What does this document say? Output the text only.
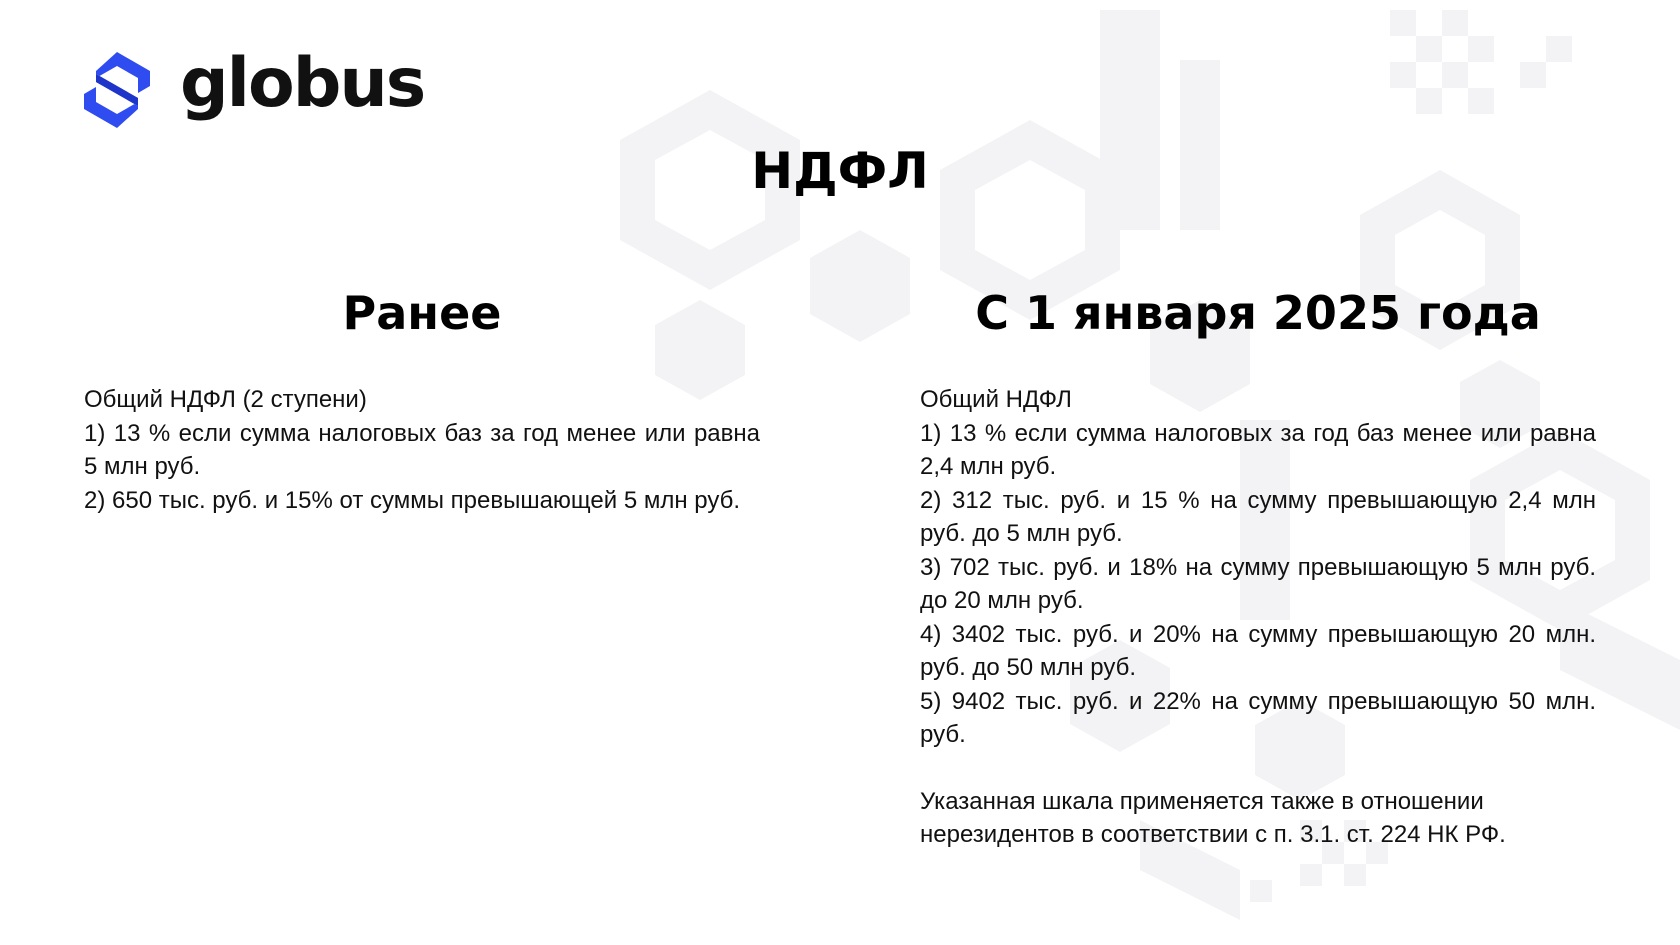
globus
НДФЛ
Ранее	С 1 января 2025 года

Общий НДФЛ (2 ступени)

1) 13 % если сумма налоговых баз за год менее или равна 5 млн руб.

2) 650 тыс. руб. и 15% от суммы превышающей 5 млн руб.

Общий НДФЛ

1) 13 % если сумма налоговых за год баз менее или равна 2,4 млн руб.

2) 312 тыс. руб. и 15 % на сумму превышающую 2,4 млн руб. до 5 млн руб.

3) 702 тыс. руб. и 18% на сумму превышающую 5 млн руб. до 20 млн руб.

4) 3402 тыс. руб. и 20% на сумму превышающую 20 млн. руб. до 50 млн руб.

5) 9402 тыс. руб. и 22% на сумму превышающую 50 млн. руб.

Указанная шкала применяется также в отношении
нерезидентов в соответствии с п. 3.1. ст. 224 НК РФ.
